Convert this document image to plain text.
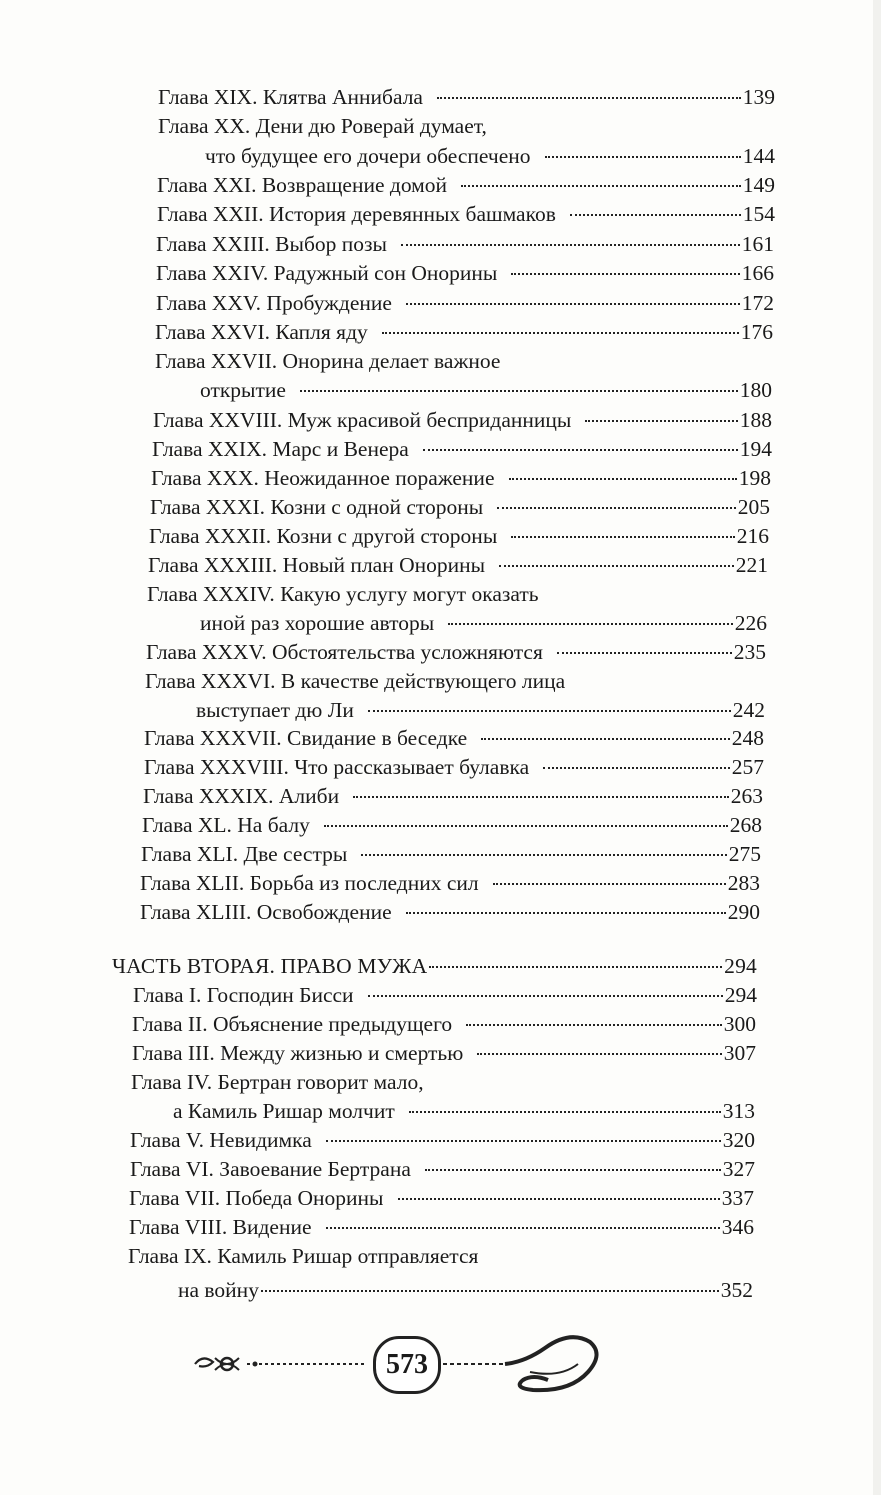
Глава XIX. Клятва Аннибала	139
Глава XX. Дени дю Роверай думает,
что будущее его дочери обеспечено	144
Глава XXI. Возвращение домой	149
Глава XXII. История деревянных башмаков	154
Глава XXIII. Выбор позы	161
Глава XXIV. Радужный сон Онорины	166
Глава XXV. Пробуждение	172
Глава XXVI. Капля яду	176
Глава XXVII. Онорина делает важное
открытие	180
Глава XXVIII. Муж красивой бесприданницы	188
Глава XXIX. Марс и Венера	194
Глава XXX. Неожиданное поражение	198
Глава XXXI. Козни с одной стороны	205
Глава XXXII. Козни с другой стороны	216
Глава XXXIII. Новый план Онорины	221
Глава XXXIV. Какую услугу могут оказать
иной раз хорошие авторы	226
Глава XXXV. Обстоятельства усложняются	235
Глава XXXVI. В качестве действующего лица
выступает дю Ли	242
Глава XXXVII. Свидание в беседке	248
Глава XXXVIII. Что рассказывает булавка	257
Глава XXXIX. Алиби	263
Глава XL. На балу	268
Глава XLI. Две сестры	275
Глава XLII. Борьба из последних сил	283
Глава XLIII. Освобождение	290
ЧАСТЬ ВТОРАЯ. ПРАВО МУЖА	294
Глава I. Господин Бисси	294
Глава II. Объяснение предыдущего	300
Глава III. Между жизнью и смертью	307
Глава IV. Бертран говорит мало,
а Камиль Ришар молчит	313
Глава V. Невидимка	320
Глава VI. Завоевание Бертрана	327
Глава VII. Победа Онорины	337
Глава VIII. Видение	346
Глава IX. Камиль Ришар отправляется
на войну	352
573
